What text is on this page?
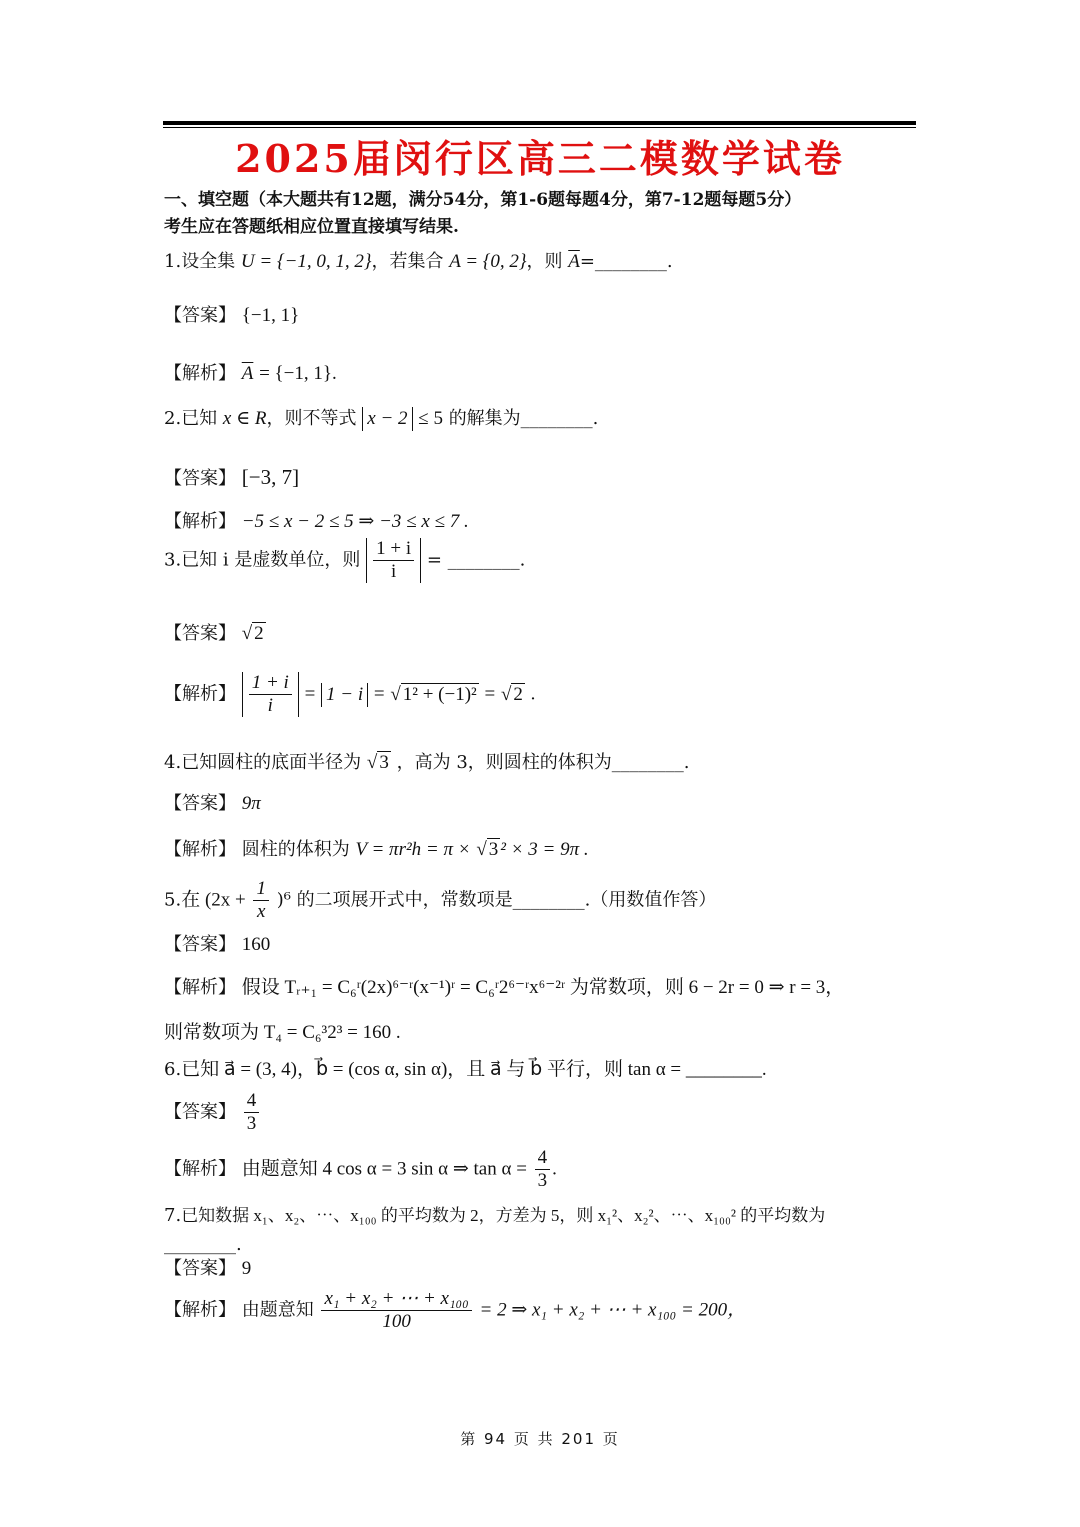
2025届闵行区高三二模数学试卷
一、填空题（本大题共有12题，满分54分，第1-6题每题4分，第7-12题每题5分）
考生应在答题纸相应位置直接填写结果.
1.设全集 U = {−1, 0, 1, 2}，若集合 A = {0, 2}，则 $\overline{A}=\_\_\_\_\_\_\_\_$.
【答案】 {−1, 1}
【解析】 $\overline{A} = \{-1$, 1}.
2.已知 x ∈ R，则不等式 x − 2 ≤ 5 的解集为________.
【答案】 [−3, 7]
【解析】 −5 ≤ x − 2 ≤ 5 ⇒ −3 ≤ x ≤ 7 .
3.已知 i 是虚数单位，则 $\frac{1 + i}{i}$ = ________.
【答案】 √ 2
【解析】 $\frac{1 + i}{i} = 1 - i$ = √ 1² + (−1)² = √ 2 .
4.已知圆柱的底面半径为 √ 3 ，高为 3，则圆柱的体积为________.
【答案】 9π
【解析】 圆柱的体积为 V = πr²h = π × √ 3 ² × 3 = 9π .
5.在 $(2x + \frac{1}{x} )^6$ 的二项展开式中，常数项是________.（用数值作答）
【答案】 160
【解析】 假设 Tᵣ₊₁ = C₆ʳ(2x)⁶⁻ʳ(x⁻¹)ʳ = C₆ʳ2⁶⁻ʳx⁶⁻²ʳ 为常数项，则 6 − 2r = 0 ⇒ r = 3，
则常数项为 T₄ = C₆³2³ = 160 .
6.已知 a⃗ = (3, 4)，b⃗ = (cos α, sin α)，且 a⃗ 与 b⃗ 平行，则 tan α = ________.
【答案】 $\frac{4}{3}$
【解析】 由题意知 4 cos α = 3 sin α ⇒ $\tan \alpha = \frac{4}{3}$ .
7.已知数据 x₁、x₂、⋯、x₁₀₀ 的平均数为 2，方差为 5，则 x₁²、x₂²、⋯、x₁₀₀² 的平均数为
________.
【答案】 9
【解析】 由题意知 $\frac{\text{x₁ + x₂ + ⋯ + x₁₀₀}}{100} = 2$ ⇒ x₁ + x₂ + ⋯ + x₁₀₀ = 200，
第 94 页 共 201 页
